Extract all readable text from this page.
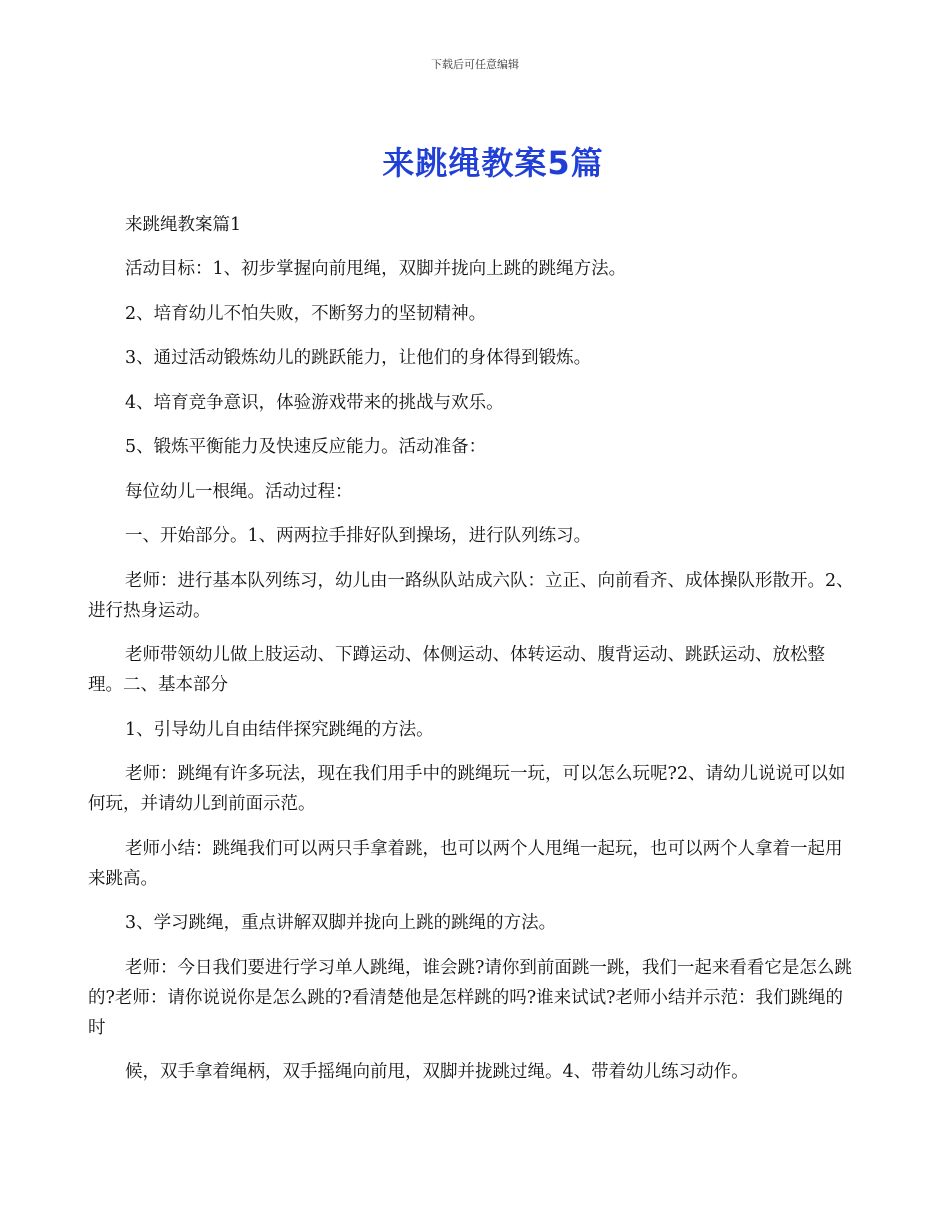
下载后可任意编辑
来跳绳教案5篇

来跳绳教案篇1

活动目标：1、初步掌握向前甩绳，双脚并拢向上跳的跳绳方法。

2、培育幼儿不怕失败，不断努力的坚韧精神。

3、通过活动锻炼幼儿的跳跃能力，让他们的身体得到锻炼。

4、培育竞争意识，体验游戏带来的挑战与欢乐。

5、锻炼平衡能力及快速反应能力。活动准备：

每位幼儿一根绳。活动过程：

一、开始部分。1、两两拉手排好队到操场，进行队列练习。

老师：进行基本队列练习，幼儿由一路纵队站成六队：立正、向前看齐、成体操队形散开。2、进行热身运动。

老师带领幼儿做上肢运动、下蹲运动、体侧运动、体转运动、腹背运动、跳跃运动、放松整理。二、基本部分

1、引导幼儿自由结伴探究跳绳的方法。

老师：跳绳有许多玩法，现在我们用手中的跳绳玩一玩，可以怎么玩呢?2、请幼儿说说可以如何玩，并请幼儿到前面示范。

老师小结：跳绳我们可以两只手拿着跳，也可以两个人甩绳一起玩，也可以两个人拿着一起用来跳高。

3、学习跳绳，重点讲解双脚并拢向上跳的跳绳的方法。

老师：今日我们要进行学习单人跳绳，谁会跳?请你到前面跳一跳，我们一起来看看它是怎么跳的?老师：请你说说你是怎么跳的?看清楚他是怎样跳的吗?谁来试试?老师小结并示范：我们跳绳的时

候，双手拿着绳柄，双手摇绳向前甩，双脚并拢跳过绳。4、带着幼儿练习动作。
